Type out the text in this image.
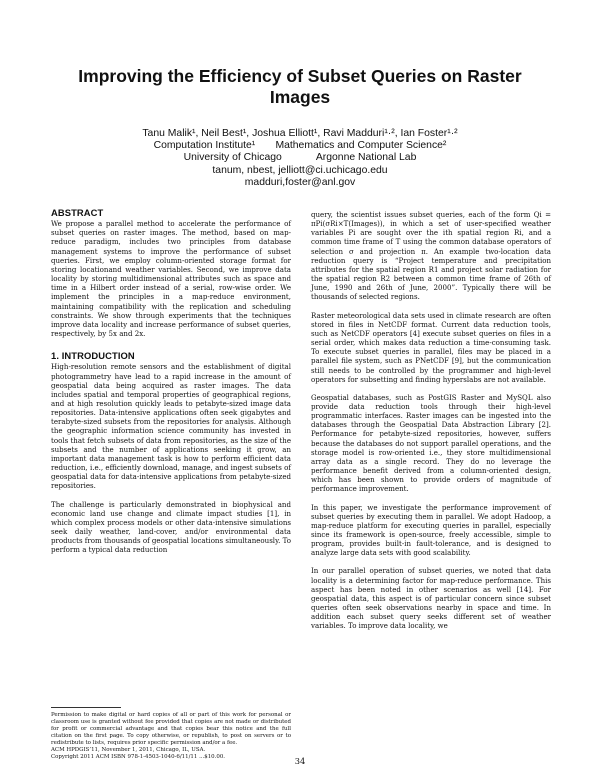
Improving the Efficiency of Subset Queries on Raster Images
Tanu Malik¹, Neil Best¹, Joshua Elliott¹, Ravi Madduri¹·², Ian Foster¹·²
Computation Institute¹       Mathematics and Computer Science²
University of Chicago            Argonne National Lab
tanum, nbest, jelliott@ci.uchicago.edu
madduri,foster@anl.gov
ABSTRACT

We propose a parallel method to accelerate the performance of subset queries on raster images. The method, based on map-reduce paradigm, includes two principles from database management systems to improve the performance of subset queries. First, we employ column-oriented storage format for storing locationand weather variables. Second, we improve data locality by storing multidimensional attributes such as space and time in a Hilbert order instead of a serial, row-wise order. We implement the principles in a map-reduce environment, maintaining compatibility with the replication and scheduling constraints. We show through experiments that the techniques improve data locality and increase performance of subset queries, respectively, by 5x and 2x.

1. INTRODUCTION

High-resolution remote sensors and the establishment of digital photogrammetry have lead to a rapid increase in the amount of geospatial data being acquired as raster images. The data includes spatial and temporal properties of geographical regions, and at high resolution quickly leads to petabyte-sized image data repositories. Data-intensive applications often seek gigabytes and terabyte-sized subsets from the repositories for analysis. Although the geographic information science community has invested in tools that fetch subsets of data from repositories, as the size of the subsets and the number of applications seeking it grow, an important data management task is how to perform efficient data reduction, i.e., efficiently download, manage, and ingest subsets of geospatial data for data-intensive applications from petabyte-sized repositories.

The challenge is particularly demonstrated in biophysical and economic land use change and climate impact studies [1], in which complex process models or other data-intensive simulations seek daily weather, land-cover, and/or environmental data products from thousands of geospatial locations simultaneously. To perform a typical data reduction

query, the scientist issues subset queries, each of the form Qi = πPi(σRi×T(Images)), in which a set of user-specified weather variables Pi are sought over the ith spatial region Ri, and a common time frame of T using the common database operators of selection σ and projection π. An example two-location data reduction query is “Project temperature and precipitation attributes for the spatial region R1 and project solar radiation for the spatial region R2 between a common time frame of 26th of June, 1990 and 26th of June, 2000”. Typically there will be thousands of selected regions.

Raster meteorological data sets used in climate research are often stored in files in NetCDF format. Current data reduction tools, such as NetCDF operators [4] execute subset queries on files in a serial order, which makes data reduction a time-consuming task. To execute subset queries in parallel, files may be placed in a parallel file system, such as PNetCDF [9], but the communication still needs to be controlled by the programmer and high-level operators for subsetting and finding hyperslabs are not available.

Geospatial databases, such as PostGIS Raster and MySQL also provide data reduction tools through their high-level programmatic interfaces. Raster images can be ingested into the databases through the Geospatial Data Abstraction Library [2]. Performance for petabyte-sized repositories, however, suffers because the databases do not support parallel operations, and the storage model is row-oriented i.e., they store multidimensional array data as a single record. They do no leverage the performance benefit derived from a column-oriented design, which has been shown to provide orders of magnitude of performance improvement.

In this paper, we investigate the performance improvement of subset queries by executing them in parallel. We adopt Hadoop, a map-reduce platform for executing queries in parallel, especially since its framework is open-source, freely accessible, simple to program, provides built-in fault-tolerance, and is designed to analyze large data sets with good scalability.

In our parallel operation of subset queries, we noted that data locality is a determining factor for map-reduce performance. This aspect has been noted in other scenarios as well [14]. For geospatial data, this aspect is of particular concern since subset queries often seek observations nearby in space and time. In addition each subset query seeks different set of weather variables. To improve data locality, we

Permission to make digital or hard copies of all or part of this work for personal or classroom use is granted without fee provided that copies are not made or distributed for profit or commercial advantage and that copies bear this notice and the full citation on the first page. To copy otherwise, or republish, to post on servers or to redistribute to lists, requires prior specific permission and/or a fee.

ACM HPDGIS’11, November 1, 2011, Chicago, IL, USA.

Copyright 2011 ACM ISBN 978-1-4503-1040-6/11/11 ...$10.00.	34
